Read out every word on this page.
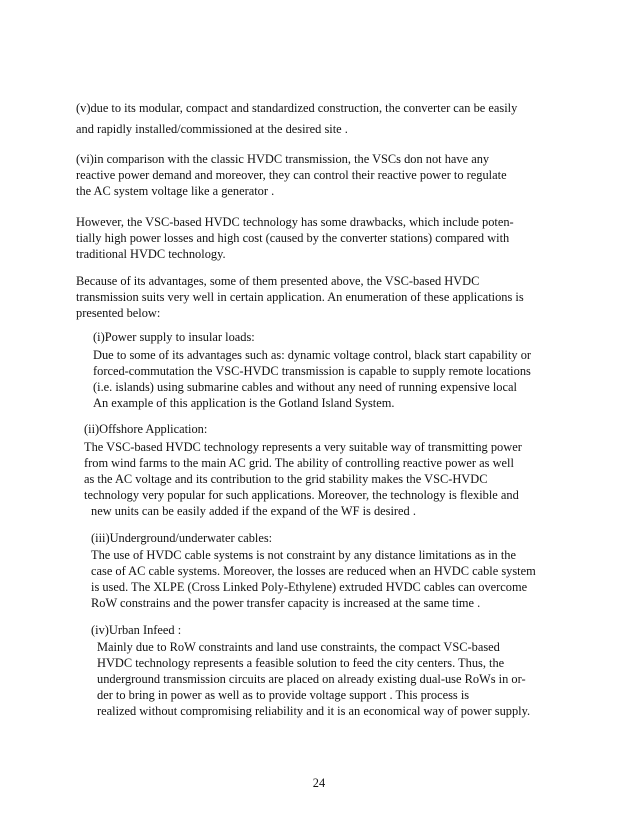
(v)due to its modular, compact and standardized construction, the converter can be easily
and rapidly installed/commissioned at the desired site .
(vi)in comparison with the classic HVDC transmission, the VSCs don not have any
reactive power demand and moreover, they can control their reactive power to regulate
the AC system voltage like a generator .
However, the VSC-based HVDC technology has some drawbacks, which include poten-
tially high power losses and high cost (caused by the converter stations) compared with
traditional HVDC technology.
Because of its advantages, some of them presented above, the VSC-based HVDC
transmission suits very well in certain application. An enumeration of these applications is
presented below:
(i)Power supply to insular loads:
Due to some of its advantages such as: dynamic voltage control, black start capability or
forced-commutation the VSC-HVDC transmission is capable to supply remote locations
(i.e. islands) using submarine cables and without any need of running expensive local
An example of this application is the Gotland Island System.
(ii)Offshore Application:
The VSC-based HVDC technology represents a very suitable way of transmitting power
from wind farms to the main AC grid. The ability of controlling reactive power as well
as the AC voltage and its contribution to the grid stability makes the VSC-HVDC
technology very popular for such applications. Moreover, the technology is flexible and
new units can be easily added if the expand of the WF is desired .
(iii)Underground/underwater cables:
The use of HVDC cable systems is not constraint by any distance limitations as in the
case of AC cable systems. Moreover, the losses are reduced when an HVDC cable system
is used. The XLPE (Cross Linked Poly-Ethylene) extruded HVDC cables can overcome
RoW constrains and the power transfer capacity is increased at the same time .
(iv)Urban Infeed :
Mainly due to RoW constraints and land use constraints, the compact VSC-based
HVDC technology represents a feasible solution to feed the city centers. Thus, the
underground transmission circuits are placed on already existing dual-use RoWs in or-
der to bring in power as well as to provide voltage support . This process is
realized without compromising reliability and it is an economical way of power supply.
24
